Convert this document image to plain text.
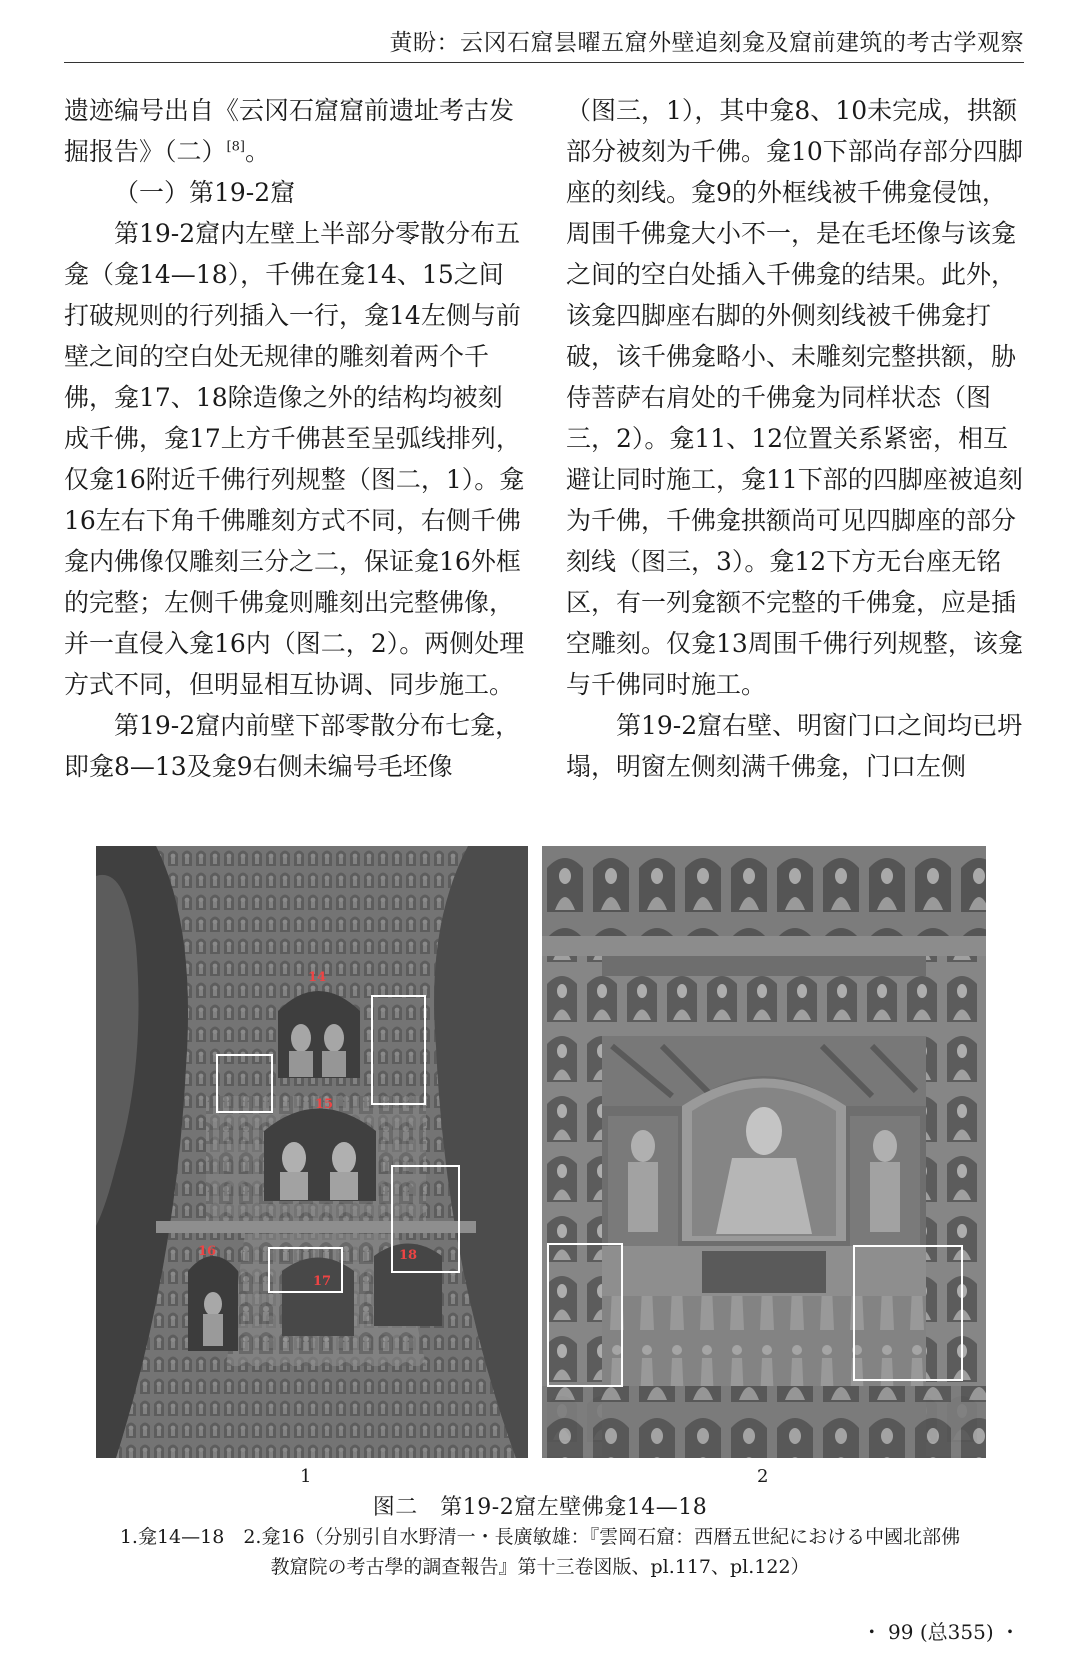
黄盼：云冈石窟昙曜五窟外壁追刻龛及窟前建筑的考古学观察

遗迹编号出自《云冈石窟窟前遗址考古发掘报告》（二）[8]。

（一）第19-2窟

第19-2窟内左壁上半部分零散分布五龛（龛14—18），千佛在龛14、15之间打破规则的行列插入一行，龛14左侧与前壁之间的空白处无规律的雕刻着两个千佛，龛17、18除造像之外的结构均被刻成千佛，龛17上方千佛甚至呈弧线排列，仅龛16附近千佛行列规整（图二，1）。龛16左右下角千佛雕刻方式不同，右侧千佛龛内佛像仅雕刻三分之二，保证龛16外框的完整；左侧千佛龛则雕刻出完整佛像，并一直侵入龛16内（图二，2）。两侧处理方式不同，但明显相互协调、同步施工。

第19-2窟内前壁下部零散分布七龛，即龛8—13及龛9右侧未编号毛坯像

（图三，1），其中龛8、10未完成，拱额部分被刻为千佛。龛10下部尚存部分四脚座的刻线。龛9的外框线被千佛龛侵蚀，周围千佛龛大小不一，是在毛坯像与该龛之间的空白处插入千佛龛的结果。此外，该龛四脚座右脚的外侧刻线被千佛龛打破，该千佛龛略小、未雕刻完整拱额，胁侍菩萨右肩处的千佛龛为同样状态（图三，2）。龛11、12位置关系紧密，相互避让同时施工，龛11下部的四脚座被追刻为千佛，千佛龛拱额尚可见四脚座的部分刻线（图三，3）。龛12下方无台座无铭区，有一列龛额不完整的千佛龛，应是插空雕刻。仅龛13周围千佛行列规整，该龛与千佛同时施工。

第19-2窟右壁、明窗门口之间均已坍塌，明窗左侧刻满千佛龛，门口左侧

14
15
16
17
18
1	2
图二　第19-2窟左壁佛龛14—18
1.龛14—18　2.龛16（分别引自水野清一・長廣敏雄：『雲岡石窟：西暦五世紀における中國北部佛
教窟院の考古學的調查報告』第十三卷図版、pl.117、pl.122）
・ 99 (总355) ・
